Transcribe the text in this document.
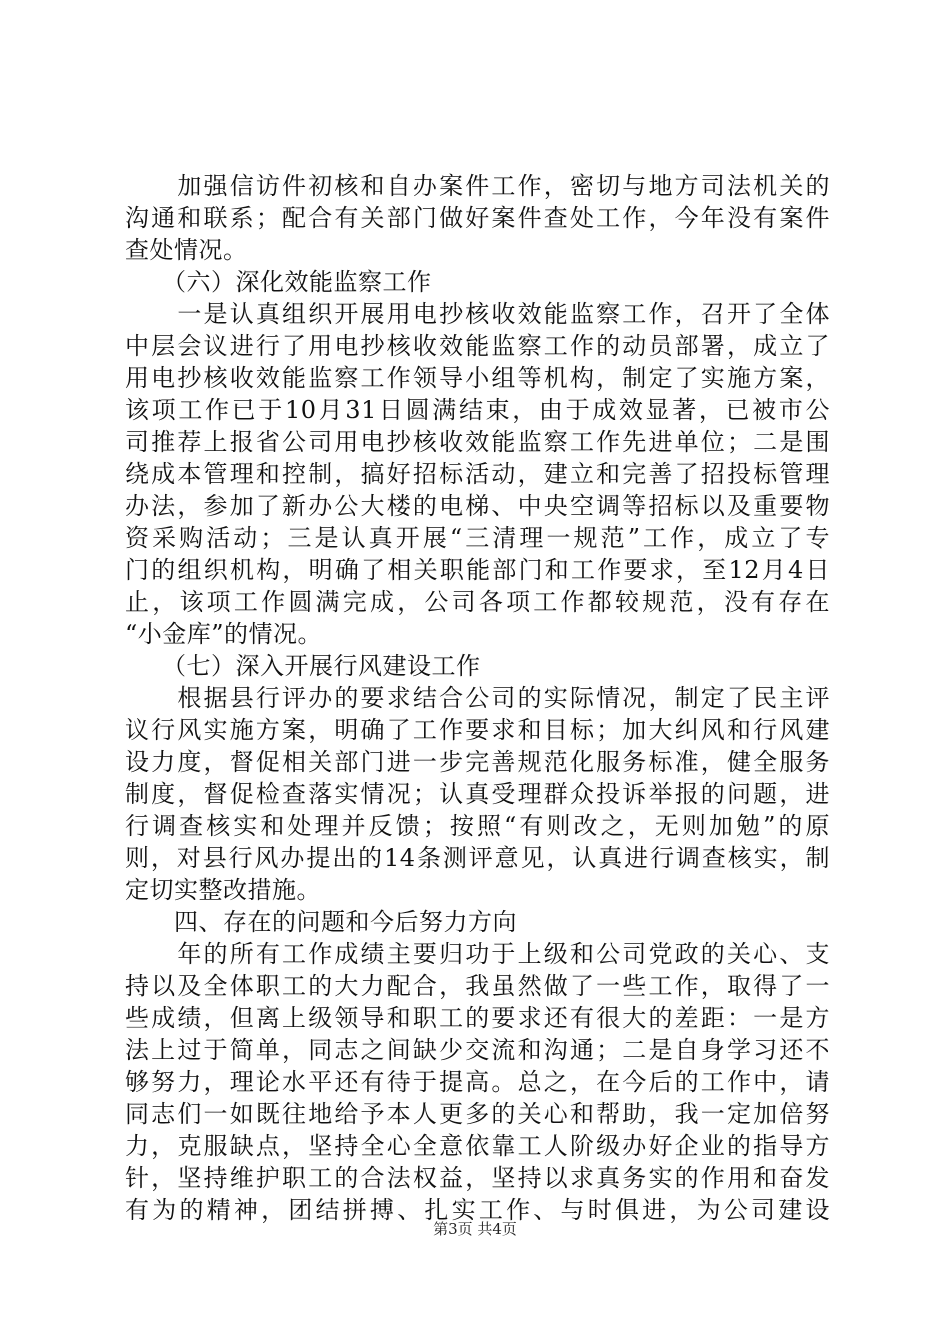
　　加强信访件初核和自办案件工作，密切与地方司法机关的
沟通和联系；配合有关部门做好案件查处工作，今年没有案件
查处情况。
　　（六）深化效能监察工作
　　一是认真组织开展用电抄核收效能监察工作，召开了全体
中层会议进行了用电抄核收效能监察工作的动员部署，成立了
用电抄核收效能监察工作领导小组等机构，制定了实施方案，
该项工作已于10月31日圆满结束，由于成效显著，已被市公
司推荐上报省公司用电抄核收效能监察工作先进单位；二是围
绕成本管理和控制，搞好招标活动，建立和完善了招投标管理
办法，参加了新办公大楼的电梯、中央空调等招标以及重要物
资采购活动；三是认真开展“三清理一规范”工作，成立了专
门的组织机构，明确了相关职能部门和工作要求，至12月4日
止，该项工作圆满完成，公司各项工作都较规范，没有存在
“小金库”的情况。
　　（七）深入开展行风建设工作
　　根据县行评办的要求结合公司的实际情况，制定了民主评
议行风实施方案，明确了工作要求和目标；加大纠风和行风建
设力度，督促相关部门进一步完善规范化服务标准，健全服务
制度，督促检查落实情况；认真受理群众投诉举报的问题，进
行调查核实和处理并反馈；按照“有则改之，无则加勉”的原
则，对县行风办提出的14条测评意见，认真进行调查核实，制
定切实整改措施。
　　四、存在的问题和今后努力方向
　　年的所有工作成绩主要归功于上级和公司党政的关心、支
持以及全体职工的大力配合，我虽然做了一些工作，取得了一
些成绩，但离上级领导和职工的要求还有很大的差距：一是方
法上过于简单，同志之间缺少交流和沟通；二是自身学习还不
够努力，理论水平还有待于提高。总之，在今后的工作中，请
同志们一如既往地给予本人更多的关心和帮助，我一定加倍努
力，克服缺点，坚持全心全意依靠工人阶级办好企业的指导方
针，坚持维护职工的合法权益，坚持以求真务实的作用和奋发
有为的精神，团结拼搏、扎实工作、与时俱进，为公司建设
第3页 共4页
